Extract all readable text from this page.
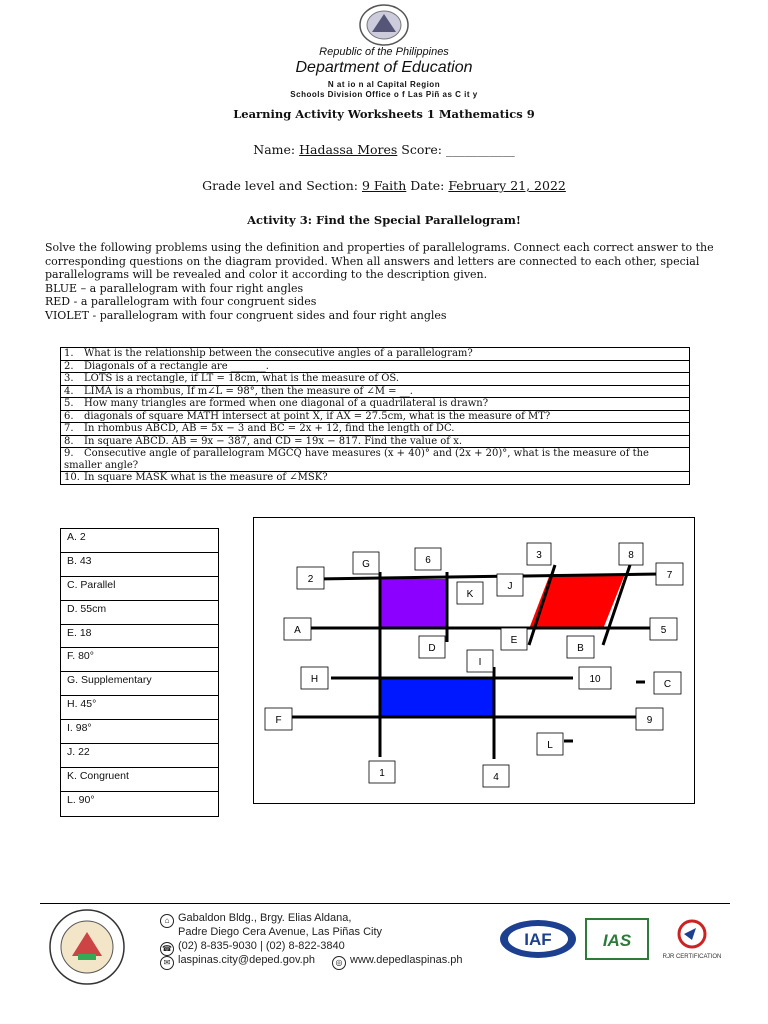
Republic of the Philippines
Department of Education
N at io n al Capital Region
Schools Division Office o f Las Piñ as C it y
Learning Activity Worksheets 1 Mathematics 9
Name: Hadassa Mores Score: ___________
Grade level and Section: 9 Faith Date: February 21, 2022
Activity 3: Find the Special Parallelogram!

Solve the following problems using the definition and properties of parallelograms. Connect each correct answer to the corresponding questions on the diagram provided. When all answers and letters are connected to each other, special parallelograms will be revealed and color it according to the description given.

BLUE – a parallelogram with four right angles

RED - a parallelogram with four congruent sides

VIOLET - parallelogram with four congruent sides and four right angles

1. What is the relationship between the consecutive angles of a parallelogram?
2. Diagonals of a rectangle are _______.
3. LOTS is a rectangle, if LT = 18cm, what is the measure of OS.
4. LIMA is a rhombus, If m∠L = 98°, then the measure of ∠M = __.
5. How many triangles are formed when one diagonal of a quadrilateral is drawn?
6. diagonals of square MATH intersect at point X, if AX = 27.5cm, what is the measure of MT?
7. In rhombus ABCD, AB = 5x − 3 and BC = 2x + 12, find the length of DC.
8. In square ABCD. AB = 9x − 387, and CD = 19x − 817. Find the value of x.
9. Consecutive angle of parallelogram MGCQ have measures (x + 40)° and (2x + 20)°, what is the measure of the smaller angle?
10. In square MASK what is the measure of ∠MSK?
A. 2
B. 43
C. Parallel
D. 55cm
E. 18
F. 80°
G. Supplementary
H. 45°
I. 98°
J. 22
K. Congruent
L. 90°
2
G	6	3	8
7
J
K
A	5
E
D	B
I
H	10	C
F	9
L
1	4
⌂ Gabaldon Bldg., Brgy. Elias Aldana,
Padre Diego Cera Avenue, Las Piñas City
☎ (02) 8-835-9030 | (02) 8-822-3840
✉ laspinas.city@deped.gov.ph	◎ www.depedlaspinas.ph
IAF	IAS
RJR CERTIFICATION
